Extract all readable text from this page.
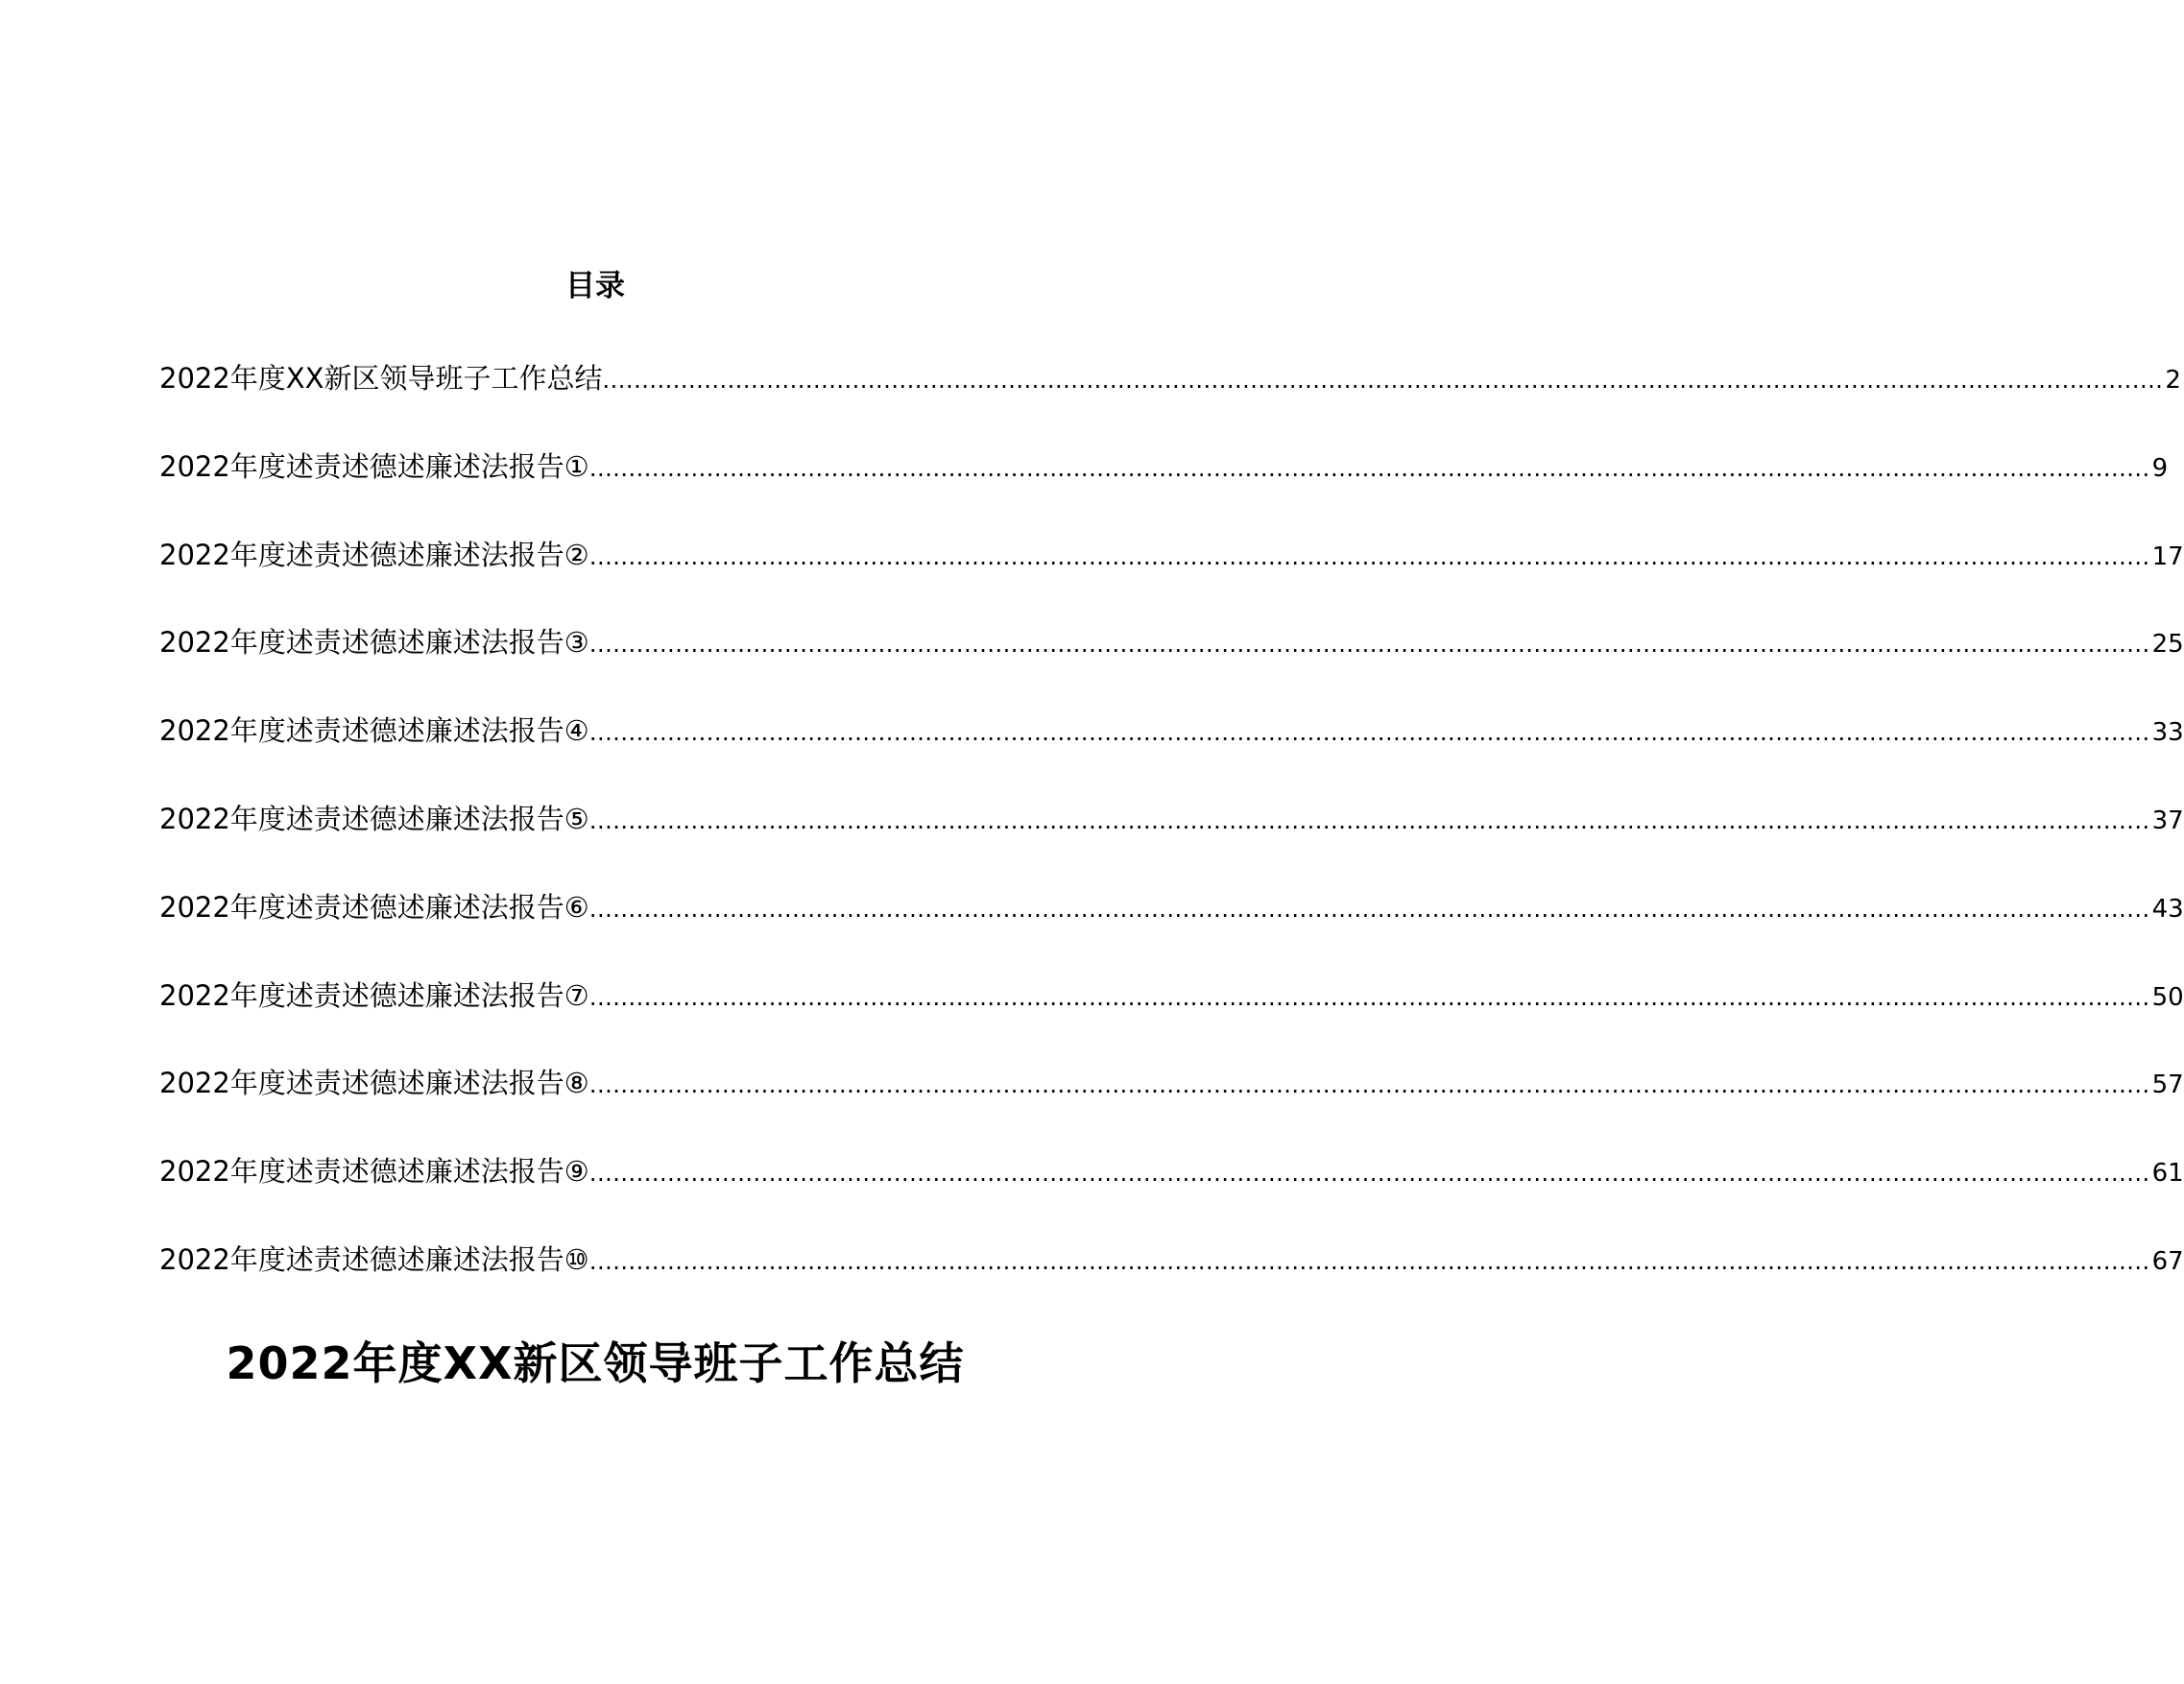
目录
2022年度XX新区领导班子工作总结 ........................................................................................................................................................................................................ 2
2022年度述责述德述廉述法报告① ........................................................................................................................................................................................................ 9
2022年度述责述德述廉述法报告② ........................................................................................................................................................................................................ 17
2022年度述责述德述廉述法报告③ ........................................................................................................................................................................................................ 25
2022年度述责述德述廉述法报告④ ........................................................................................................................................................................................................ 33
2022年度述责述德述廉述法报告⑤ ........................................................................................................................................................................................................ 37
2022年度述责述德述廉述法报告⑥ ........................................................................................................................................................................................................ 43
2022年度述责述德述廉述法报告⑦ ........................................................................................................................................................................................................ 50
2022年度述责述德述廉述法报告⑧ ........................................................................................................................................................................................................ 57
2022年度述责述德述廉述法报告⑨ ........................................................................................................................................................................................................ 61
2022年度述责述德述廉述法报告⑩ ........................................................................................................................................................................................................ 67
2022年度XX新区领导班子工作总结
